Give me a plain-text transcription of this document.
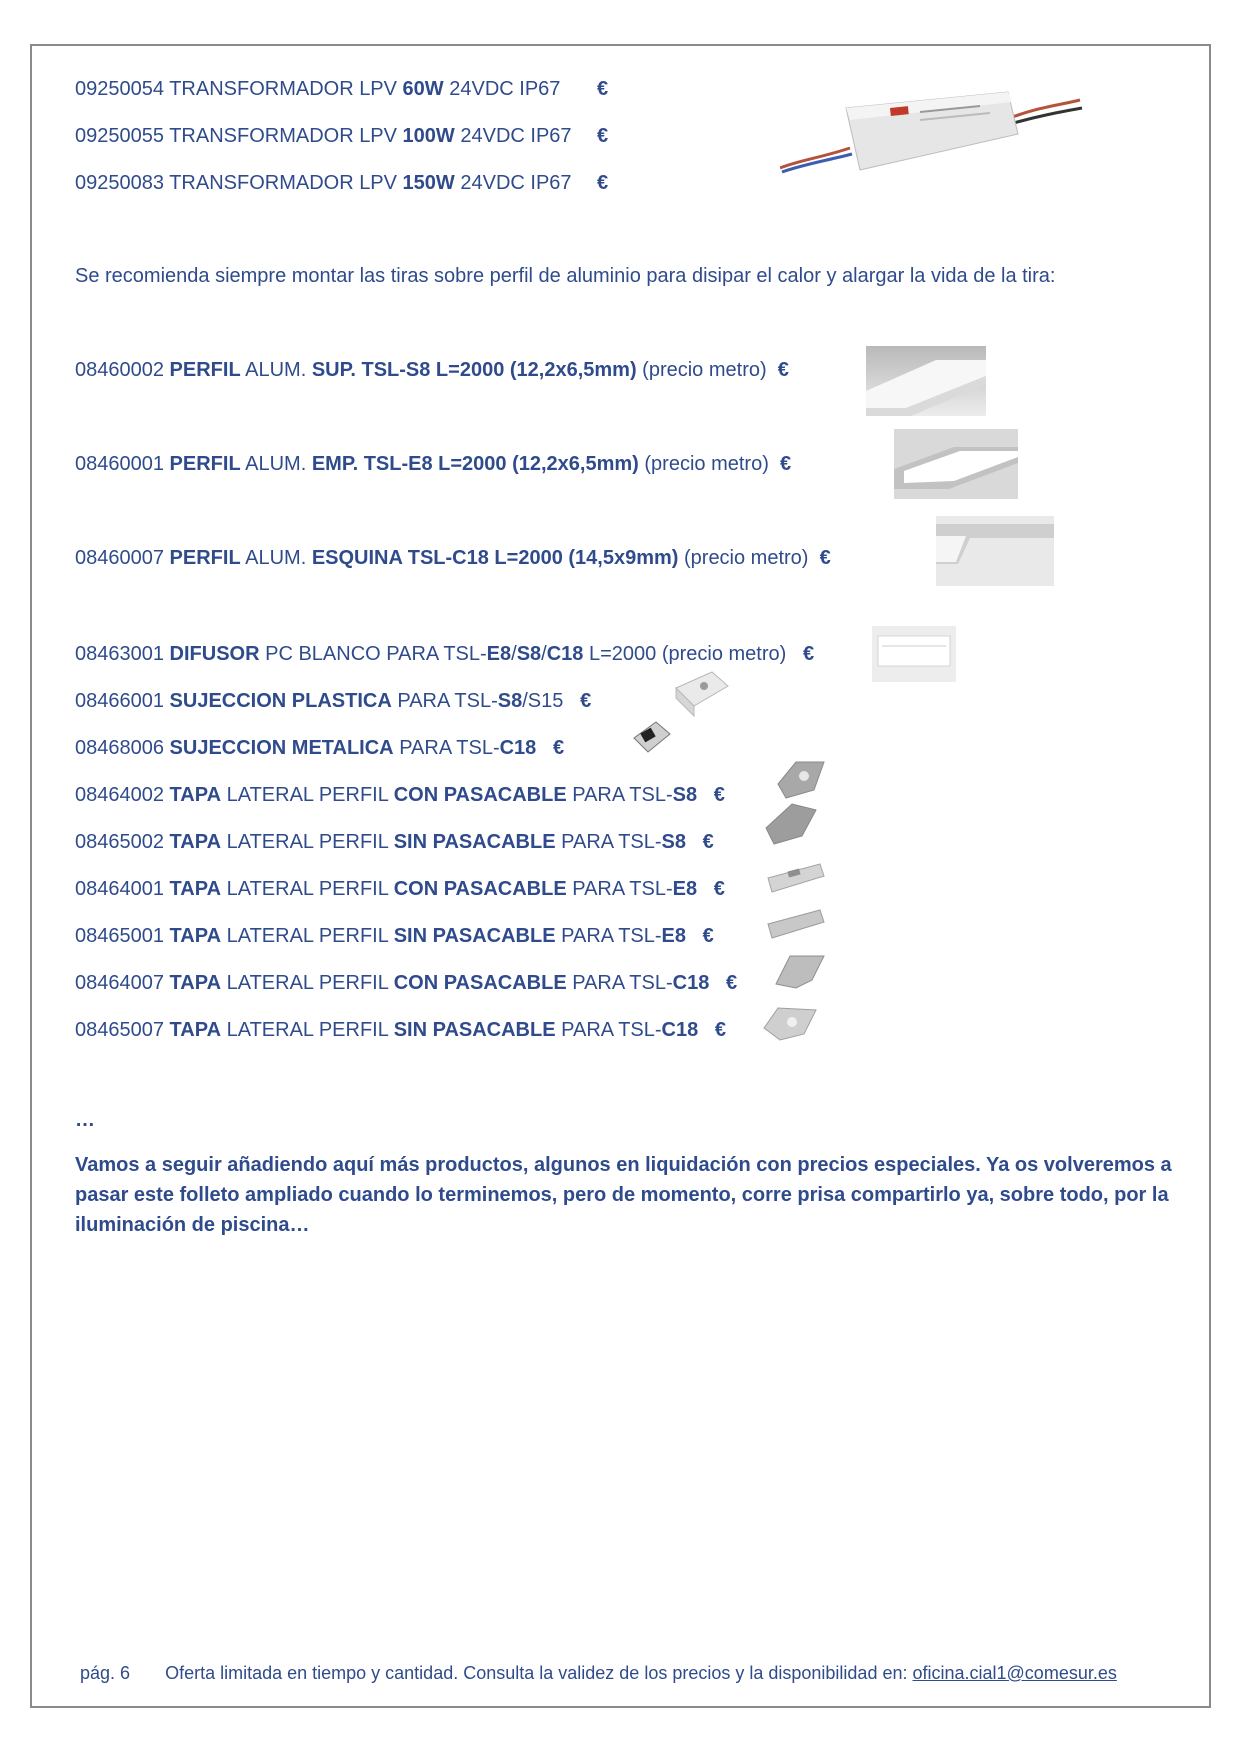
09250054 TRANSFORMADOR LPV 60W 24VDC IP67 €
09250055 TRANSFORMADOR LPV 100W 24VDC IP67 €
09250083 TRANSFORMADOR LPV 150W 24VDC IP67 €
Se recomienda siempre montar las tiras sobre perfil de aluminio para disipar el calor y alargar la vida de la tira:
08460002 PERFIL ALUM. SUP. TSL-S8 L=2000 (12,2x6,5mm) (precio metro) €
08460001 PERFIL ALUM. EMP. TSL-E8 L=2000 (12,2x6,5mm) (precio metro) €
08460007 PERFIL ALUM. ESQUINA TSL-C18 L=2000 (14,5x9mm) (precio metro) €
08463001 DIFUSOR PC BLANCO PARA TSL-E8/S8/C18 L=2000 (precio metro) €
08466001 SUJECCION PLASTICA PARA TSL-S8/S15 €
08468006 SUJECCION METALICA PARA TSL-C18 €
08464002 TAPA LATERAL PERFIL CON PASACABLE PARA TSL-S8 €
08465002 TAPA LATERAL PERFIL SIN PASACABLE PARA TSL-S8 €
08464001 TAPA LATERAL PERFIL CON PASACABLE PARA TSL-E8 €
08465001 TAPA LATERAL PERFIL SIN PASACABLE PARA TSL-E8 €
08464007 TAPA LATERAL PERFIL CON PASACABLE PARA TSL-C18 €
08465007 TAPA LATERAL PERFIL SIN PASACABLE PARA TSL-C18 €
…
Vamos a seguir añadiendo aquí más productos, algunos en liquidación con precios especiales. Ya os volveremos a pasar este folleto ampliado cuando lo terminemos, pero de momento, corre prisa compartirlo ya, sobre todo, por la iluminación de piscina…
pág. 6 Oferta limitada en tiempo y cantidad. Consulta la validez de los precios y la disponibilidad en: oficina.cial1@comesur.es
